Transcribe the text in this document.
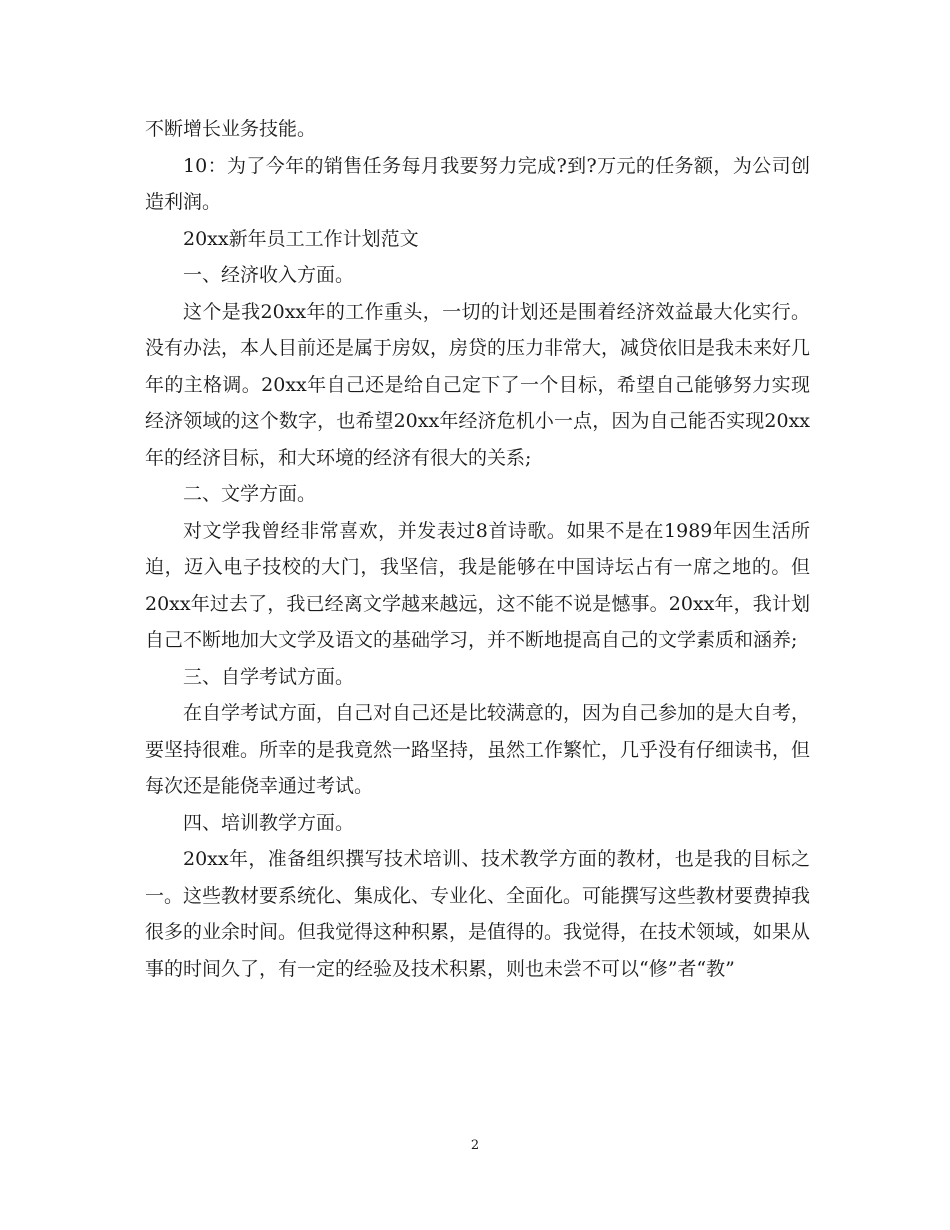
不断增长业务技能。

10：为了今年的销售任务每月我要努力完成?到?万元的任务额，为公司创造利润。

20xx新年员工工作计划范文

一、经济收入方面。

这个是我20xx年的工作重头，一切的计划还是围着经济效益最大化实行。没有办法，本人目前还是属于房奴，房贷的压力非常大，减贷依旧是我未来好几年的主格调。20xx年自己还是给自己定下了一个目标，希望自己能够努力实现经济领域的这个数字，也希望20xx年经济危机小一点，因为自己能否实现20xx年的经济目标，和大环境的经济有很大的关系;

二、文学方面。

对文学我曾经非常喜欢，并发表过8首诗歌。如果不是在1989年因生活所迫，迈入电子技校的大门，我坚信，我是能够在中国诗坛占有一席之地的。但20xx年过去了，我已经离文学越来越远，这不能不说是憾事。20xx年，我计划自己不断地加大文学及语文的基础学习，并不断地提高自己的文学素质和涵养;

三、自学考试方面。

在自学考试方面，自己对自己还是比较满意的，因为自己参加的是大自考，要坚持很难。所幸的是我竟然一路坚持，虽然工作繁忙，几乎没有仔细读书，但每次还是能侥幸通过考试。

四、培训教学方面。

20xx年，准备组织撰写技术培训、技术教学方面的教材，也是我的目标之一。这些教材要系统化、集成化、专业化、全面化。可能撰写这些教材要费掉我很多的业余时间。但我觉得这种积累，是值得的。我觉得，在技术领域，如果从事的时间久了，有一定的经验及技术积累，则也未尝不可以“修”者“教”

2
